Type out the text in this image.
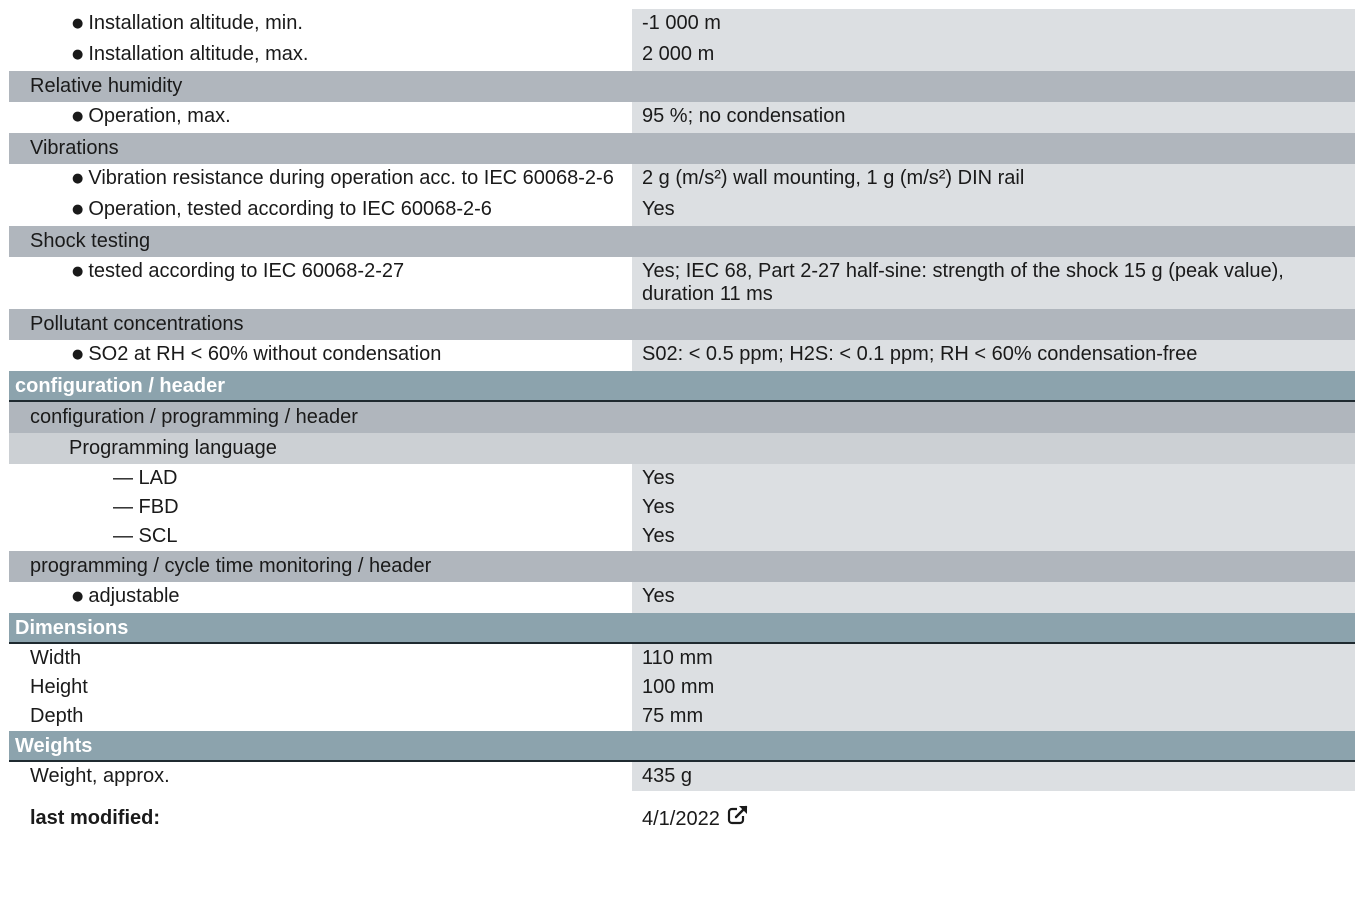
● Installation altitude, min.	-1 000 m
● Installation altitude, max.	2 000 m
Relative humidity
● Operation, max.	95 %; no condensation
Vibrations
● Vibration resistance during operation acc. to IEC 60068-2-6	2 g (m/s²) wall mounting, 1 g (m/s²) DIN rail
● Operation, tested according to IEC 60068-2-6	Yes
Shock testing
● tested according to IEC 60068-2-27	Yes; IEC 68, Part 2-27 half-sine: strength of the shock 15 g (peak value), duration 11 ms
Pollutant concentrations
● SO2 at RH < 60% without condensation	S02: < 0.5 ppm; H2S: < 0.1 ppm; RH < 60% condensation-free
configuration / header
configuration / programming / header
Programming language
— LAD	Yes
— FBD	Yes
— SCL	Yes
programming / cycle time monitoring / header
● adjustable	Yes
Dimensions
Width	110 mm
Height	100 mm
Depth	75 mm
Weights
Weight, approx.	435 g
last modified:	4/1/2022
